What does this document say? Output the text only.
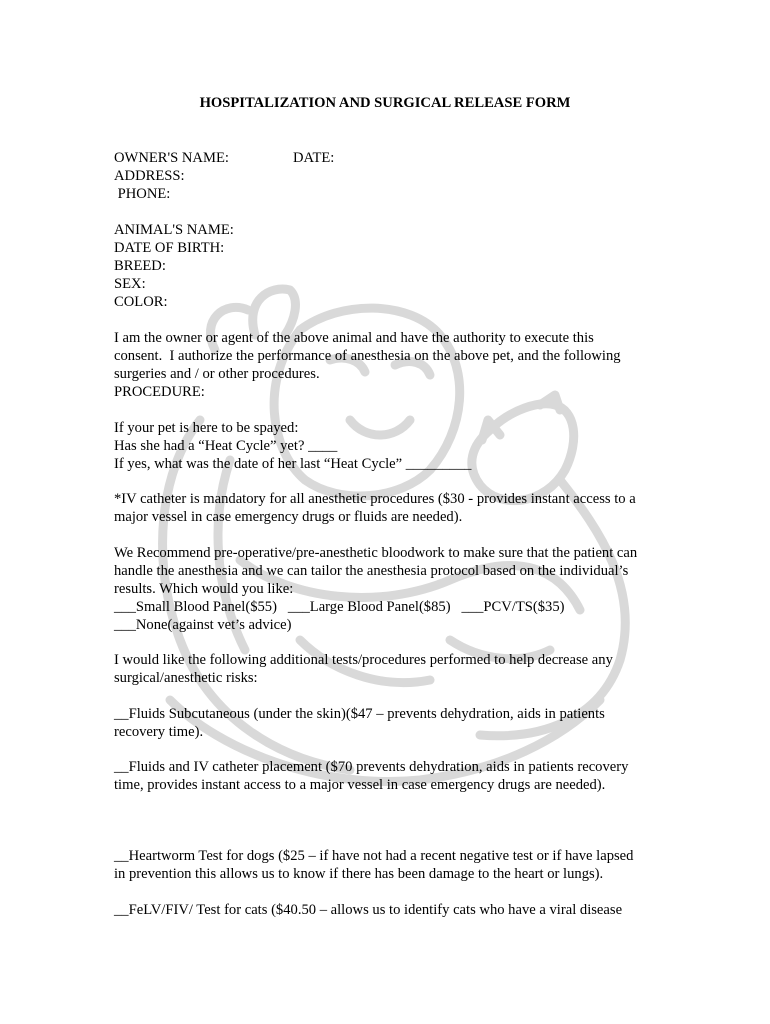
HOSPITALIZATION AND SURGICAL RELEASE FORM
OWNER'S NAME:	DATE:
ADDRESS:
PHONE:
ANIMAL'S NAME:
DATE OF BIRTH:
BREED:
SEX:
COLOR:
I am the owner or agent of the above animal and have the authority to execute this
consent.  I authorize the performance of anesthesia on the above pet, and the following
surgeries and / or other procedures.
PROCEDURE:
If your pet is here to be spayed:
Has she had a “Heat Cycle” yet? ____
If yes, what was the date of her last “Heat Cycle” _________
*IV catheter is mandatory for all anesthetic procedures ($30 - provides instant access to a
major vessel in case emergency drugs or fluids are needed).
We Recommend pre-operative/pre-anesthetic bloodwork to make sure that the patient can
handle the anesthesia and we can tailor the anesthesia protocol based on the individual’s
results. Which would you like:
___Small Blood Panel($55)   ___Large Blood Panel($85)   ___PCV/TS($35)
___None(against vet’s advice)
I would like the following additional tests/procedures performed to help decrease any
surgical/anesthetic risks:
__Fluids Subcutaneous (under the skin)($47 – prevents dehydration, aids in patients
recovery time).
__Fluids and IV catheter placement ($70 prevents dehydration, aids in patients recovery
time, provides instant access to a major vessel in case emergency drugs are needed).
__Heartworm Test for dogs ($25 – if have not had a recent negative test or if have lapsed
in prevention this allows us to know if there has been damage to the heart or lungs).
__FeLV/FIV/ Test for cats ($40.50 – allows us to identify cats who have a viral disease
